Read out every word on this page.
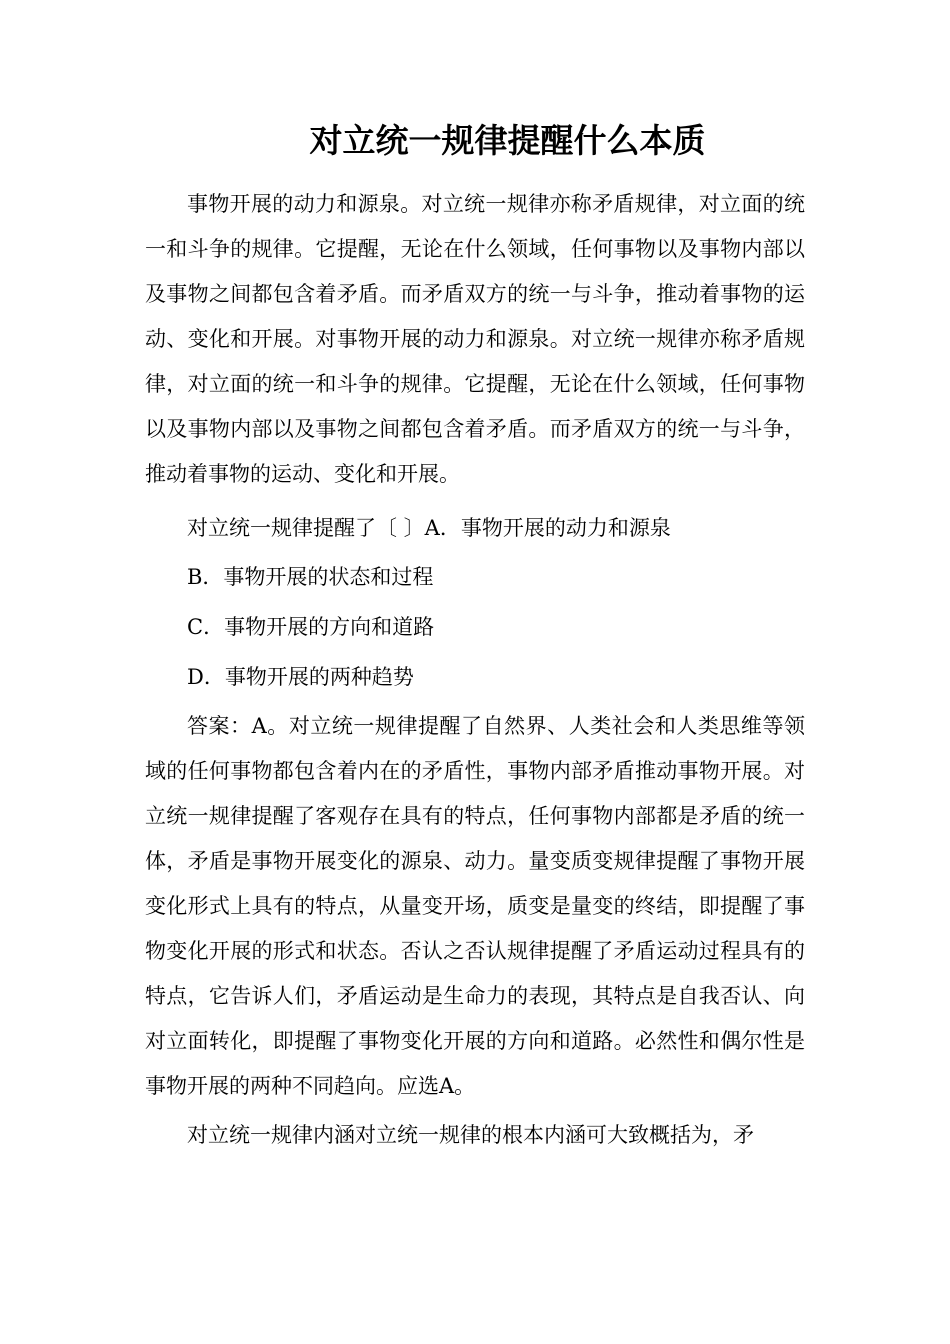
对立统一规律提醒什么本质

事物开展的动力和源泉。对立统一规律亦称矛盾规律，对立面的统一和斗争的规律。它提醒，无论在什么领域，任何事物以及事物内部以及事物之间都包含着矛盾。而矛盾双方的统一与斗争，推动着事物的运动、变化和开展。对事物开展的动力和源泉。对立统一规律亦称矛盾规律，对立面的统一和斗争的规律。它提醒，无论在什么领域，任何事物以及事物内部以及事物之间都包含着矛盾。而矛盾双方的统一与斗争，推动着事物的运动、变化和开展。

对立统一规律提醒了〔 〕A．事物开展的动力和源泉

B．事物开展的状态和过程

C．事物开展的方向和道路

D．事物开展的两种趋势

答案：A。对立统一规律提醒了自然界、人类社会和人类思维等领域的任何事物都包含着内在的矛盾性，事物内部矛盾推动事物开展。对立统一规律提醒了客观存在具有的特点，任何事物内部都是矛盾的统一体，矛盾是事物开展变化的源泉、动力。量变质变规律提醒了事物开展变化形式上具有的特点，从量变开场，质变是量变的终结，即提醒了事物变化开展的形式和状态。否认之否认规律提醒了矛盾运动过程具有的特点，它告诉人们，矛盾运动是生命力的表现，其特点是自我否认、向对立面转化，即提醒了事物变化开展的方向和道路。必然性和偶尔性是事物开展的两种不同趋向。应选A。

对立统一规律内涵对立统一规律的根本内涵可大致概括为，矛
